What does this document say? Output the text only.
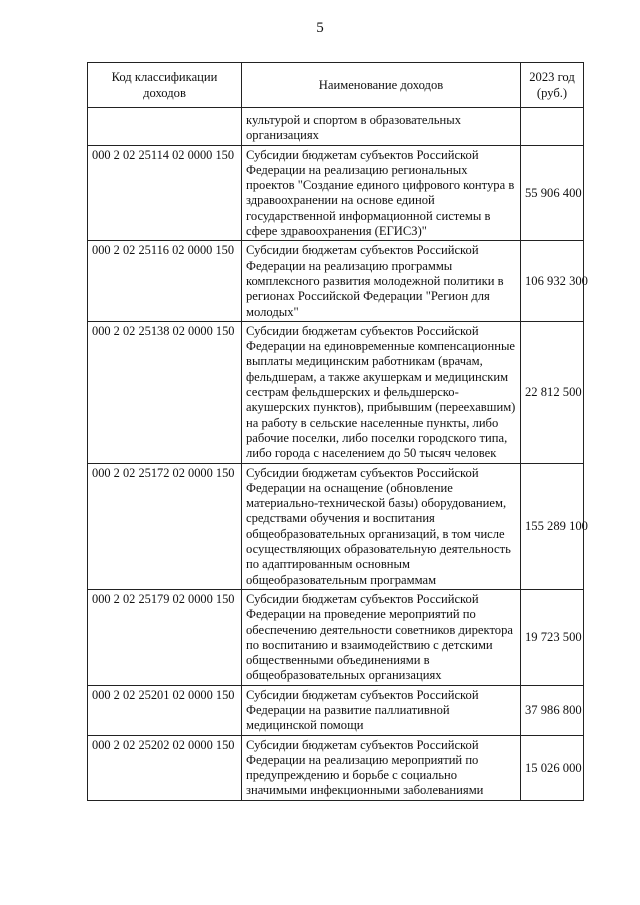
5
Код классификации доходов	Наименование доходов	2023 год (руб.)
	культурой и спортом в образовательных организациях	
000 2 02 25114 02 0000 150	Субсидии бюджетам субъектов Российской Федерации на реализацию региональных проектов "Создание единого цифрового контура в здравоохранении на основе единой государственной информационной системы в сфере здравоохранения (ЕГИСЗ)"	55 906 400
000 2 02 25116 02 0000 150	Субсидии бюджетам субъектов Российской Федерации на реализацию программы комплексного развития молодежной политики в регионах Российской Федерации "Регион для молодых"	106 932 300
000 2 02 25138 02 0000 150	Субсидии бюджетам субъектов Российской Федерации на единовременные компенсационные выплаты медицинским работникам (врачам, фельдшерам, а также акушеркам и медицинским сестрам фельдшерских и фельдшерско-акушерских пунктов), прибывшим (переехавшим) на работу в сельские населенные пункты, либо рабочие поселки, либо поселки городского типа, либо города с населением до 50 тысяч человек	22 812 500
000 2 02 25172 02 0000 150	Субсидии бюджетам субъектов Российской Федерации на оснащение (обновление материально-технической базы) оборудованием, средствами обучения и воспитания общеобразовательных организаций, в том числе осуществляющих образовательную деятельность по адаптированным основным общеобразовательным программам	155 289 100
000 2 02 25179 02 0000 150	Субсидии бюджетам субъектов Российской Федерации на проведение мероприятий по обеспечению деятельности советников директора по воспитанию и взаимодействию с детскими общественными объединениями в общеобразовательных организациях	19 723 500
000 2 02 25201 02 0000 150	Субсидии бюджетам субъектов Российской Федерации на развитие паллиативной медицинской помощи	37 986 800
000 2 02 25202 02 0000 150	Субсидии бюджетам субъектов Российской Федерации на реализацию мероприятий по предупреждению и борьбе с социально значимыми инфекционными заболеваниями	15 026 000
